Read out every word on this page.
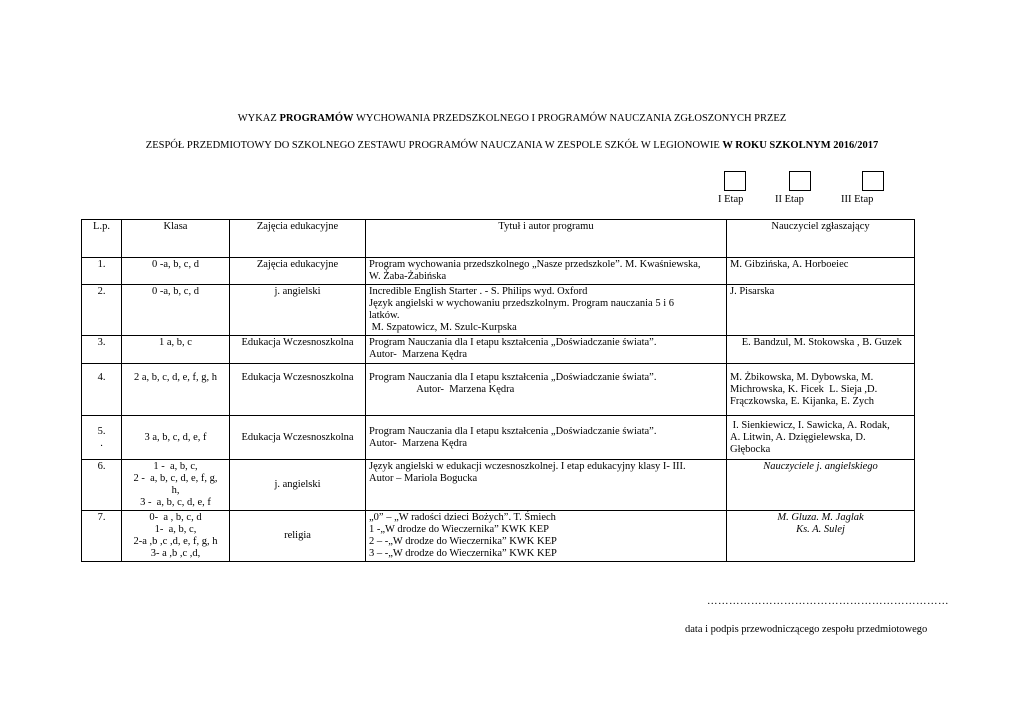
WYKAZ PROGRAMÓW WYCHOWANIA PRZEDSZKOLNEGO I PROGRAMÓW NAUCZANIA ZGŁOSZONYCH PRZEZ
ZESPÓŁ PRZEDMIOTOWY DO SZKOLNEGO ZESTAWU PROGRAMÓW NAUCZANIA W ZESPOLE SZKÓŁ W LEGIONOWIE W ROKU SZKOLNYM 2016/2017
I Etap	II Etap	III Etap
L.p.	Klasa	Zajęcia edukacyjne	Tytuł i autor programu	Nauczyciel zgłaszający

1.	0 -a, b, c, d	Zajęcia edukacyjne	Program wychowania przedszkolnego „Nasze przedszkole”. M. Kwaśniewska,
W. Żaba-Żabińska	M. Gibzińska, A. Horboeiec

2.	0 -a, b, c, d	j. angielski	Incredible English Starter . - S. Philips wyd. Oxford
Język angielski w wychowaniu przedszkolnym. Program nauczania 5 i 6
latków.
M. Szpatowicz, M. Szulc-Kurpska	J. Pisarska

3.	1 a, b, c	Edukacja Wczesnoszkolna	Program Nauczania dla I etapu kształcenia „Doświadczanie świata”.
Autor-  Marzena Kędra	E. Bandzul, M. Stokowska , B. Guzek

4.	2 a, b, c, d, e, f, g, h	Edukacja Wczesnoszkolna	Program Nauczania dla I etapu kształcenia „Doświadczanie świata”.
Autor-  Marzena Kędra	M. Żbikowska, M. Dybowska, M.
Michrowska, K. Ficek  L. Sieja ,D.
Frączkowska, E. Kijanka, E. Zych

5.
.	3 a, b, c, d, e, f	Edukacja Wczesnoszkolna	Program Nauczania dla I etapu kształcenia „Doświadczanie świata”.
Autor-  Marzena Kędra	I. Sienkiewicz, I. Sawicka, A. Rodak,
A. Litwin, A. Dzięgielewska, D.
Głębocka

6.	1 -  a, b, c,
2 -  a, b, c, d, e, f, g,
h,
3 -  a, b, c, d, e, f	j. angielski	Język angielski w edukacji wczesnoszkolnej. I etap edukacyjny klasy I- III.
Autor – Mariola Bogucka	Nauczyciele j. angielskiego

7.	0-  a , b, c, d
1-  a, b, c,
2-a ,b ,c ,d, e, f, g, h
3- a ,b ,c ,d,	religia	„0” – „W radości dzieci Bożych”. T. Śmiech
1 -„W drodze do Wieczernika” KWK KEP
2 – -„W drodze do Wieczernika” KWK KEP
3 – -„W drodze do Wieczernika” KWK KEP	M. Gluza. M. Jaglak
Ks. A. Sulej
…………………………………………………………
data i podpis przewodniczącego zespołu przedmiotowego
